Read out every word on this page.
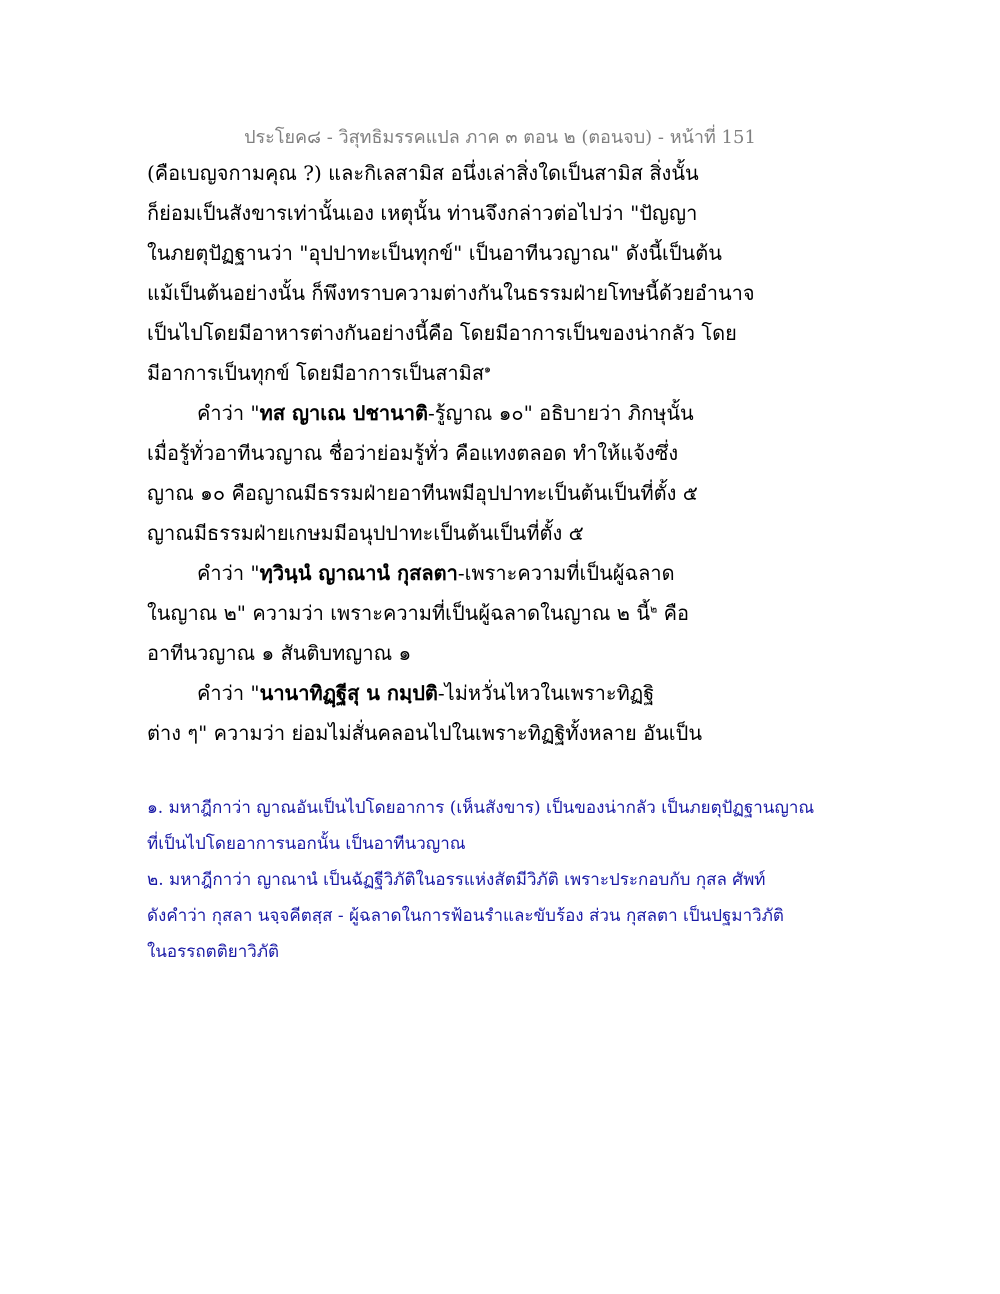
ประโยค๘ - วิสุทธิมรรคแปล ภาค ๓ ตอน ๒ (ตอนจบ) - หน้าที่ 151
(คือเบญจกามคุณ ?) และกิเลสามิส อนึ่งเล่าสิ่งใดเป็นสามิส สิ่งนั้น
ก็ย่อมเป็นสังขารเท่านั้นเอง เหตุนั้น ท่านจึงกล่าวต่อไปว่า "ปัญญา
ในภยตุปัฏฐานว่า "อุปปาทะเป็นทุกข์" เป็นอาทีนวญาณ" ดังนี้เป็นต้น
แม้เป็นต้นอย่างนั้น ก็พึงทราบความต่างกันในธรรมฝ่ายโทษนี้ด้วยอำนาจ
เป็นไปโดยมีอาหารต่างกันอย่างนี้คือ โดยมีอาการเป็นของน่ากลัว โดย
มีอาการเป็นทุกข์ โดยมีอาการเป็นสามิส$^๑$
คำว่า "ทส ญาเณ ปชานาติ-รู้ญาณ ๑๐" อธิบายว่า ภิกษุนั้น
เมื่อรู้ทั่วอาทีนวญาณ ชื่อว่าย่อมรู้ทั่ว คือแทงตลอด ทำให้แจ้งซึ่ง
ญาณ ๑๐ คือญาณมีธรรมฝ่ายอาทีนพมีอุปปาทะเป็นต้นเป็นที่ตั้ง ๕
ญาณมีธรรมฝ่ายเกษมมีอนุปปาทะเป็นต้นเป็นที่ตั้ง ๕
คำว่า "ทฺวินฺนํ ญาณานํ กุสลตา-เพราะความที่เป็นผู้ฉลาด
ในญาณ ๒" ความว่า เพราะความที่เป็นผู้ฉลาดในญาณ ๒ นี้$^๒$ คือ
อาทีนวญาณ ๑ สันติบทญาณ ๑
คำว่า "นานาทิฏฺฐีสุ น กมฺปติ-ไม่หวั่นไหวในเพราะทิฏฐิ
ต่าง ๆ" ความว่า ย่อมไม่สั่นคลอนไปในเพราะทิฏฐิทั้งหลาย อันเป็น
๑. มหาฎีกาว่า ญาณอันเป็นไปโดยอาการ (เห็นสังขาร) เป็นของน่ากลัว เป็นภยตุปัฏฐานญาณ
ที่เป็นไปโดยอาการนอกนั้น เป็นอาทีนวญาณ
๒. มหาฎีกาว่า ญาณานํ เป็นฉัฏฐีวิภัติในอรรแห่งสัตมีวิภัติ เพราะประกอบกับ กุสล ศัพท์
ดังคำว่า กุสลา นจฺจคีตสฺส - ผู้ฉลาดในการฟ้อนรำและขับร้อง ส่วน กุสลตา เป็นปฐมาวิภัติ
ในอรรถตติยาวิภัติ
